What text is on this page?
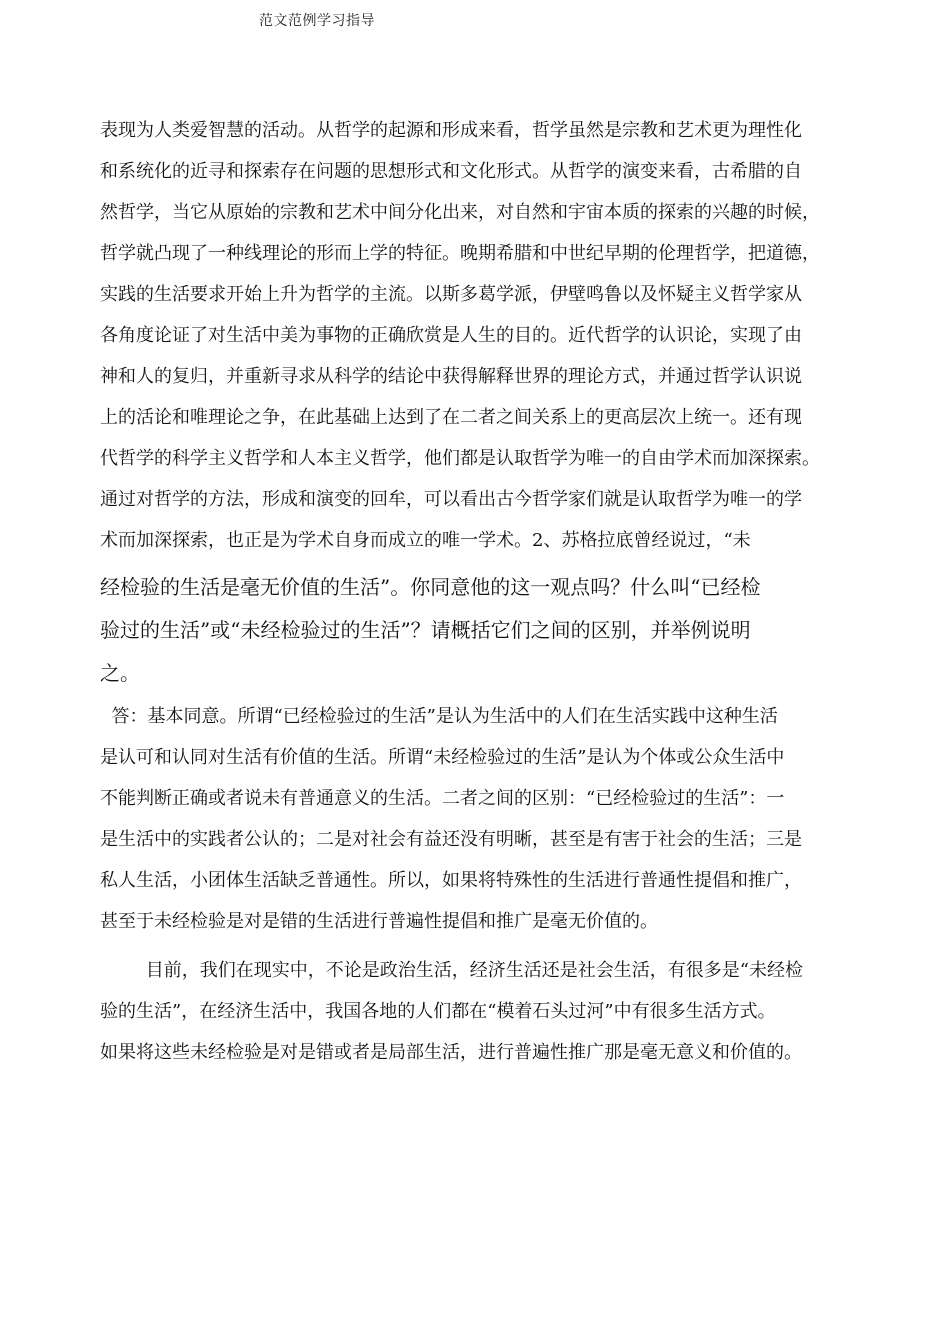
范文范例学习指导
表现为人类爱智慧的活动。从哲学的起源和形成来看，哲学虽然是宗教和艺术更为理性化
和系统化的近寻和探索存在问题的思想形式和文化形式。从哲学的演变来看，古希腊的自
然哲学，当它从原始的宗教和艺术中间分化出来，对自然和宇宙本质的探索的兴趣的时候，
哲学就凸现了一种线理论的形而上学的特征。晚期希腊和中世纪早期的伦理哲学，把道德，
实践的生活要求开始上升为哲学的主流。以斯多葛学派，伊壁鸣鲁以及怀疑主义哲学家从
各角度论证了对生活中美为事物的正确欣赏是人生的目的。近代哲学的认识论，实现了由
神和人的复归，并重新寻求从科学的结论中获得解释世界的理论方式，并通过哲学认识说
上的活论和唯理论之争，在此基础上达到了在二者之间关系上的更高层次上统一。还有现
代哲学的科学主义哲学和人本主义哲学，他们都是认取哲学为唯一的自由学术而加深探索。
通过对哲学的方法，形成和演变的回牟，可以看出古今哲学家们就是认取哲学为唯一的学
术而加深探索，也正是为学术自身而成立的唯一学术。2、苏格拉底曾经说过，“未
经检验的生活是毫无价值的生活”。你同意他的这一观点吗？什么叫“已经检
验过的生活”或“未经检验过的生活”？请概括它们之间的区别，并举例说明
之。
答：基本同意。所谓“已经检验过的生活”是认为生活中的人们在生活实践中这种生活
是认可和认同对生活有价值的生活。所谓“未经检验过的生活”是认为个体或公众生活中
不能判断正确或者说未有普通意义的生活。二者之间的区别：“已经检验过的生活”：一
是生活中的实践者公认的；二是对社会有益还没有明晰，甚至是有害于社会的生活；三是
私人生活，小团体生活缺乏普通性。所以，如果将特殊性的生活进行普通性提倡和推广，
甚至于未经检验是对是错的生活进行普遍性提倡和推广是毫无价值的。
目前，我们在现实中，不论是政治生活，经济生活还是社会生活，有很多是“未经检
验的生活”，在经济生活中，我国各地的人们都在“模着石头过河”中有很多生活方式。
如果将这些未经检验是对是错或者是局部生活，进行普遍性推广那是毫无意义和价值的。
